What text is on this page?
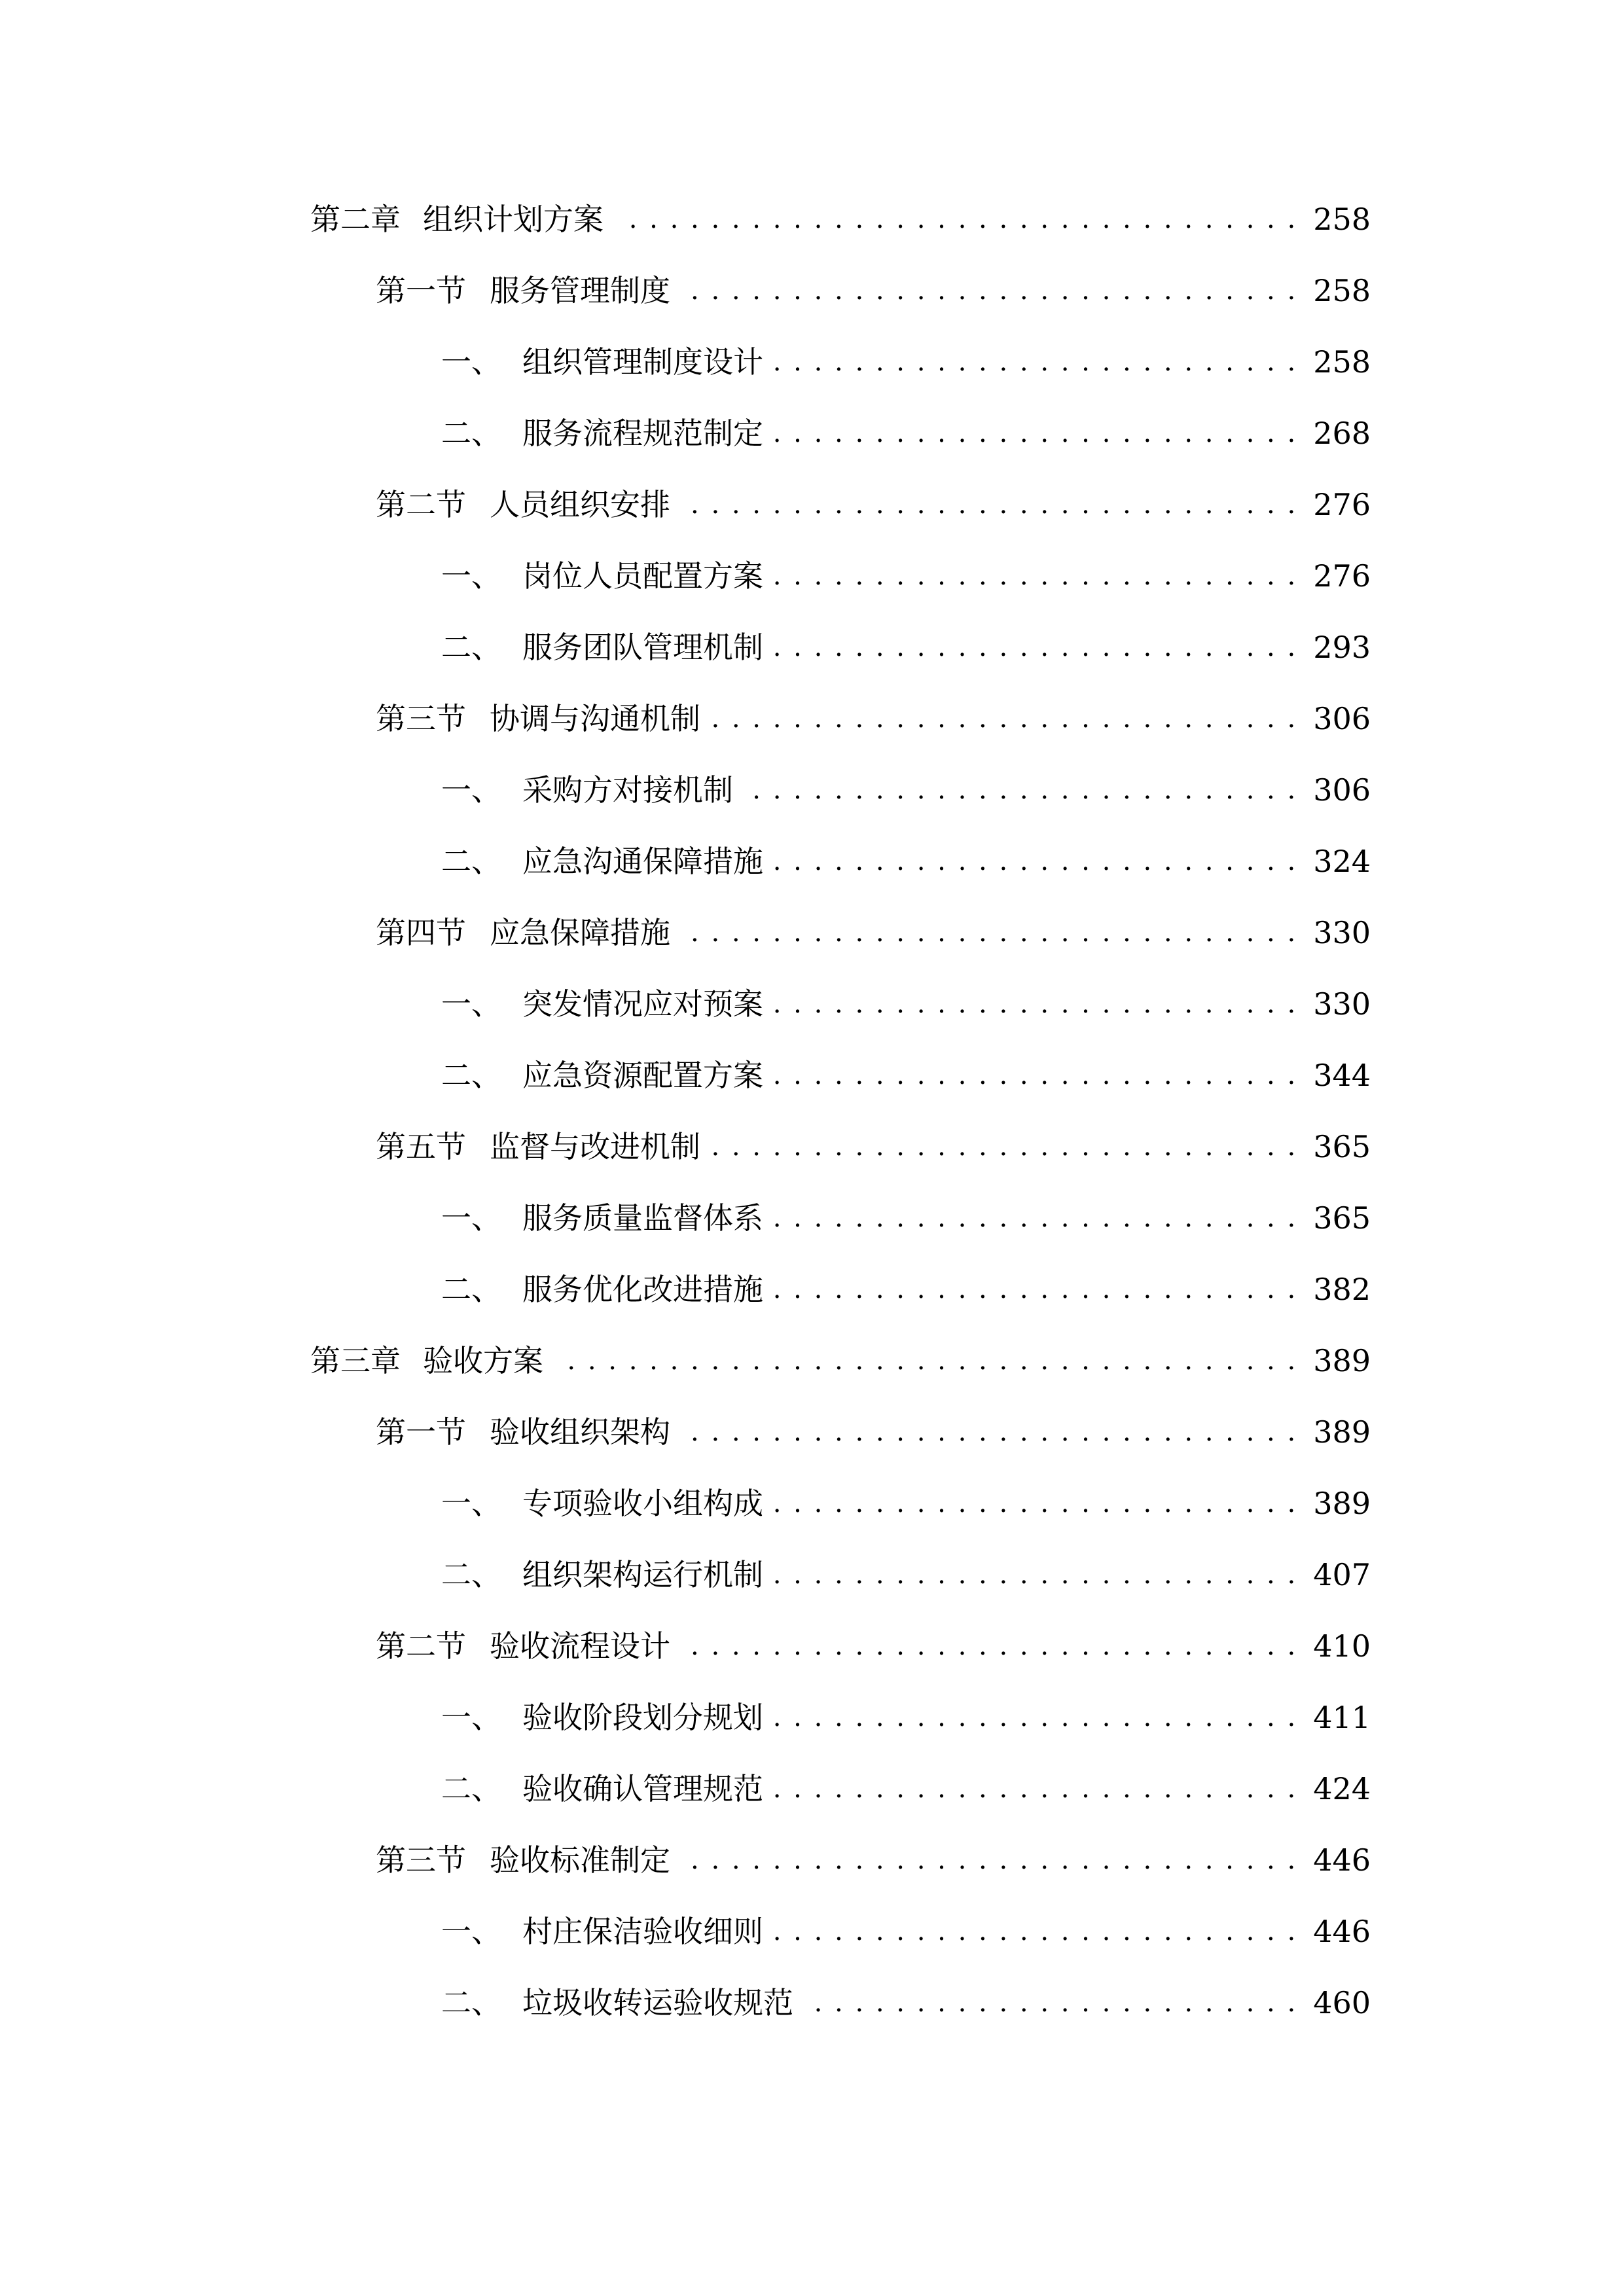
第二章 组织计划方案 . . .	258
第一节 服务管理制度 . . .	258
一、 组织管理制度设计 . . .	258
二、 服务流程规范制定 . . .	268
第二节 人员组织安排 . . .	276
一、 岗位人员配置方案 . . .	276
二、 服务团队管理机制 . . .	293
第三节 协调与沟通机制 . . .	306
一、 采购方对接机制 . . .	306
二、 应急沟通保障措施 . . .	324
第四节 应急保障措施 . . .	330
一、 突发情况应对预案 . . .	330
二、 应急资源配置方案 . . .	344
第五节 监督与改进机制 . . .	365
一、 服务质量监督体系 . . .	365
二、 服务优化改进措施 . . .	382
第三章 验收方案 . . .	389
第一节 验收组织架构 . . .	389
一、 专项验收小组构成 . . .	389
二、 组织架构运行机制 . . .	407
第二节 验收流程设计 . . .	410
一、 验收阶段划分规划 . . .	411
二、 验收确认管理规范 . . .	424
第三节 验收标准制定 . . .	446
一、 村庄保洁验收细则 . . .	446
二、 垃圾收转运验收规范 . . .	460
